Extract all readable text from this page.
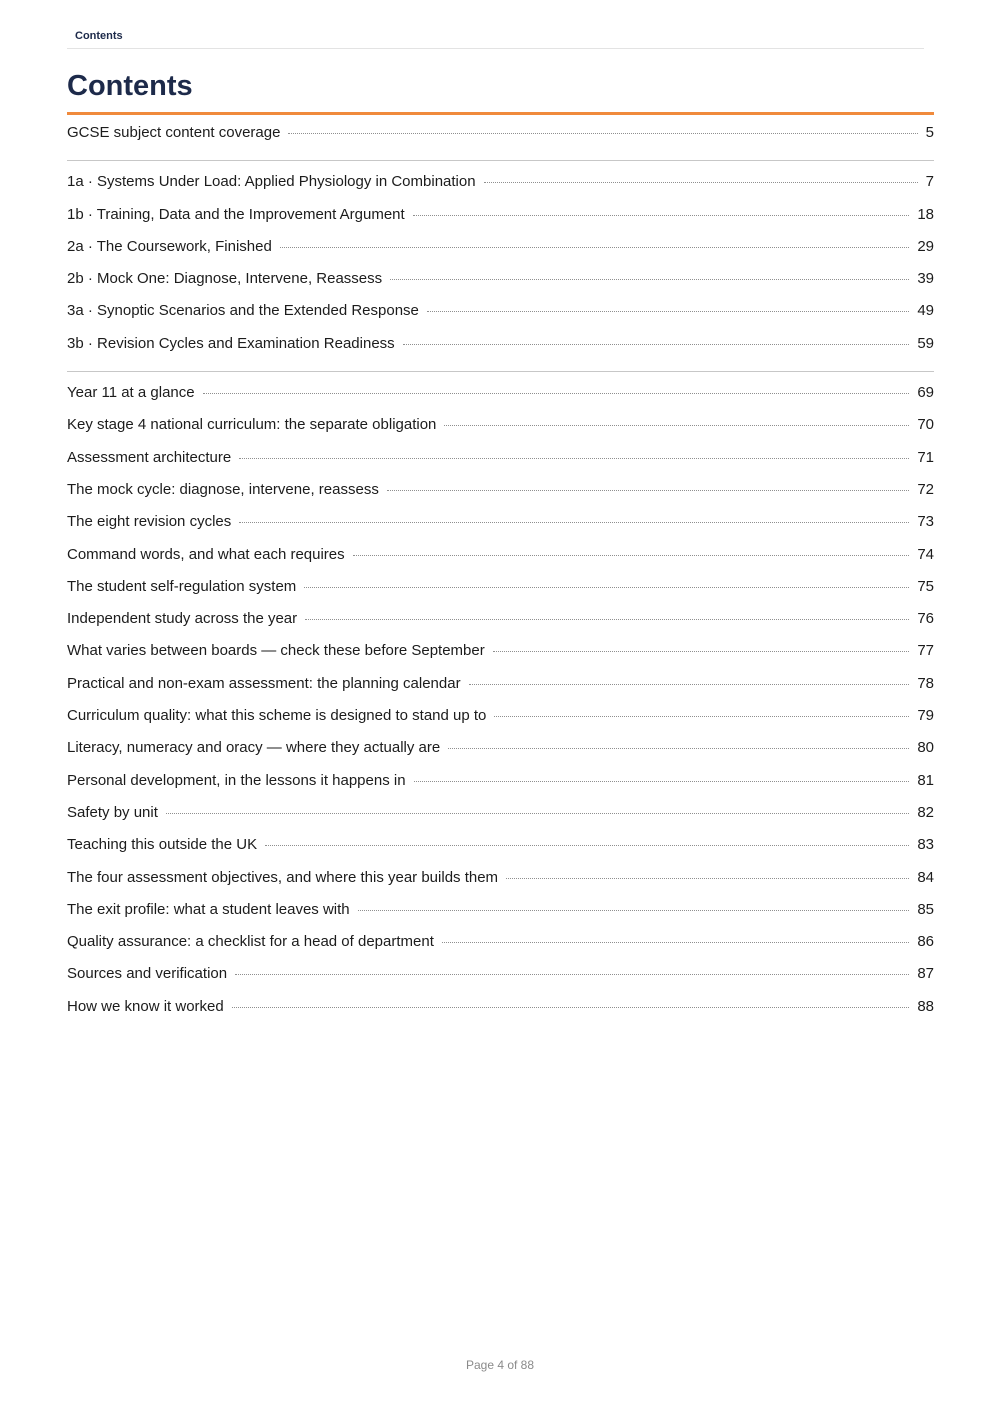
Contents
Contents
GCSE subject content coverage	5
1a · Systems Under Load: Applied Physiology in Combination	7
1b · Training, Data and the Improvement Argument	18
2a · The Coursework, Finished	29
2b · Mock One: Diagnose, Intervene, Reassess	39
3a · Synoptic Scenarios and the Extended Response	49
3b · Revision Cycles and Examination Readiness	59
Year 11 at a glance	69
Key stage 4 national curriculum: the separate obligation	70
Assessment architecture	71
The mock cycle: diagnose, intervene, reassess	72
The eight revision cycles	73
Command words, and what each requires	74
The student self-regulation system	75
Independent study across the year	76
What varies between boards — check these before September	77
Practical and non-exam assessment: the planning calendar	78
Curriculum quality: what this scheme is designed to stand up to	79
Literacy, numeracy and oracy — where they actually are	80
Personal development, in the lessons it happens in	81
Safety by unit	82
Teaching this outside the UK	83
The four assessment objectives, and where this year builds them	84
The exit profile: what a student leaves with	85
Quality assurance: a checklist for a head of department	86
Sources and verification	87
How we know it worked	88
Page 4 of 88
